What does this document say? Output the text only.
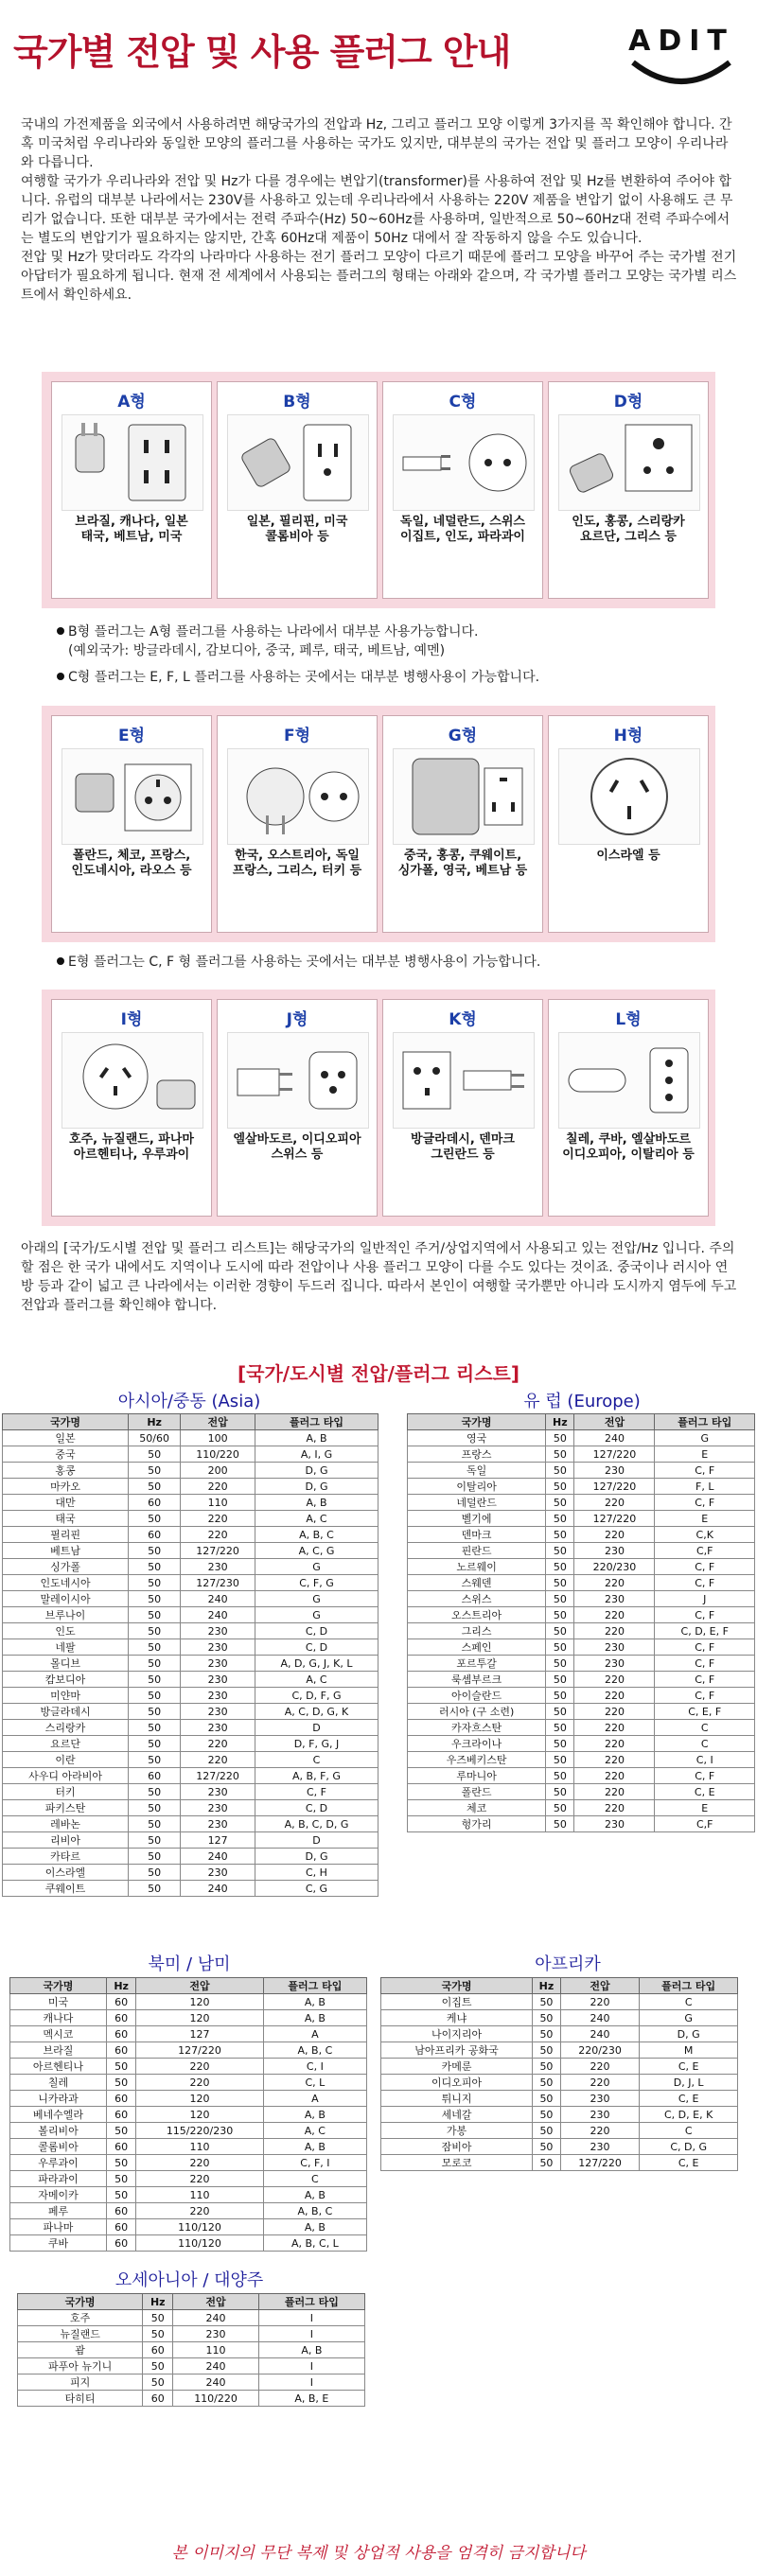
국가별 전압 및 사용 플러그 안내	ADIT

국내의 가전제품을 외국에서 사용하려면 해당국가의 전압과 Hz, 그리고 플러그 모양 이렇게 3가지를 꼭 확인해야 합니다. 간혹 미국처럼 우리나라와 동일한 모양의 플러그를 사용하는 국가도 있지만, 대부분의 국가는 전압 및 플러그 모양이 우리나라와 다릅니다.

여행할 국가가 우리나라와 전압 및 Hz가 다를 경우에는 변압기(transformer)를 사용하여 전압 및 Hz를 변환하여 주어야 합니다. 유럽의 대부분 나라에서는 230V를 사용하고 있는데 우리나라에서 사용하는 220V 제품을 변압기 없이 사용해도 큰 무리가 없습니다. 또한 대부분 국가에서는 전력 주파수(Hz) 50~60Hz를 사용하며, 일반적으로 50~60Hz대 전력 주파수에서는 별도의 변압기가 필요하지는 않지만, 간혹 60Hz대 제품이 50Hz 대에서 잘 작동하지 않을 수도 있습니다.

전압 및 Hz가 맞더라도 각각의 나라마다 사용하는 전기 플러그 모양이 다르기 때문에 플러그 모양을 바꾸어 주는 국가별 전기 아답터가 필요하게 됩니다. 현재 전 세계에서 사용되는 플러그의 형태는 아래와 같으며, 각 국가별 플러그 모양는 국가별 리스트에서 확인하세요.

A형
브라질, 캐나다, 일본
태국, 베트남, 미국
B형
일본, 필리핀, 미국
콜롬비아 등
C형
독일, 네덜란드, 스위스
이집트, 인도, 파라과이
D형
인도, 홍콩, 스리랑카
요르단, 그리스 등
B형 플러그는 A형 플러그를 사용하는 나라에서 대부분 사용가능합니다.
(예외국가: 방글라데시, 감보디아, 중국, 페루, 태국, 베트남, 예멘)
C형 플러그는 E, F, L 플러그를 사용하는 곳에서는 대부분 병행사용이 가능합니다.
E형
폴란드, 체코, 프랑스,
인도네시아, 라오스 등
F형
한국, 오스트리아, 독일
프랑스, 그리스, 터키 등
G형
중국, 홍콩, 쿠웨이트,
싱가폴, 영국, 베트남 등
H형
이스라엘 등
E형 플러그는 C, F 형 플러그를 사용하는 곳에서는 대부분 병행사용이 가능합니다.
I형
호주, 뉴질랜드, 파나마
아르헨티나, 우루과이
J형
엘살바도르, 이디오피아
스위스 등
K형
방글라데시, 덴마크
그린란드 등
L형
칠레, 쿠바, 엘살바도르
이디오피아, 이탈리아 등
아래의 [국가/도시별 전압 및 플러그 리스트]는 해당국가의 일반적인 주거/상업지역에서 사용되고 있는 전압/Hz 입니다. 주의할 점은 한 국가 내에서도 지역이나 도시에 따라 전압이나 사용 플러그 모양이 다를 수도 있다는 것이죠. 중국이나 러시아 연방 등과 같이 넓고 큰 나라에서는 이러한 경향이 두드러 집니다. 따라서 본인이 여행할 국가뿐만 아니라 도시까지 염두에 두고 전압과 플러그를 확인해야 합니다.
[국가/도시별 전압/플러그 리스트]
아시아/중동 (Asia)	유 럽 (Europe)
국가명	Hz	전압	플러그 타입
일본	50/60	100	A, B
중국	50	110/220	A, I, G
홍콩	50	200	D, G
마카오	50	220	D, G
대만	60	110	A, B
태국	50	220	A, C
필리핀	60	220	A, B, C
베트남	50	127/220	A, C, G
싱가폴	50	230	G
인도네시아	50	127/230	C, F, G
말레이시아	50	240	G
브루나이	50	240	G
인도	50	230	C, D
네팔	50	230	C, D
몰디브	50	230	A, D, G, J, K, L
캄보디아	50	230	A, C
미얀마	50	230	C, D, F, G
방글라데시	50	230	A, C, D, G, K
스리랑카	50	230	D
요르단	50	220	D, F, G, J
이란	50	220	C
사우디 아라비아	60	127/220	A, B, F, G
터키	50	230	C, F
파키스탄	50	230	C, D
레바논	50	230	A, B, C, D, G
리비아	50	127	D
카타르	50	240	D, G
이스라엘	50	230	C, H
쿠웨이트	50	240	C, G
국가명	Hz	전압	플러그 타입
영국	50	240	G
프랑스	50	127/220	E
독일	50	230	C, F
이탈리아	50	127/220	F, L
네덜란드	50	220	C, F
벨기에	50	127/220	E
덴마크	50	220	C,K
핀란드	50	230	C,F
노르웨이	50	220/230	C, F
스웨덴	50	220	C, F
스위스	50	230	J
오스트리아	50	220	C, F
그리스	50	220	C, D, E, F
스페인	50	230	C, F
포르투갈	50	230	C, F
룩셈부르크	50	220	C, F
아이슬란드	50	220	C, F
러시아 (구 소련)	50	220	C, E, F
카자흐스탄	50	220	C
우크라이나	50	220	C
우즈베키스탄	50	220	C, I
루마니아	50	220	C, F
폴란드	50	220	C, E
체코	50	220	E
헝가리	50	230	C,F
북미 / 남미	아프리카
국가명	Hz	전압	플러그 타입
미국	60	120	A, B
캐나다	60	120	A, B
멕시코	60	127	A
브라질	60	127/220	A, B, C
아르헨티나	50	220	C, I
칠레	50	220	C, L
니카라과	60	120	A
베네수엘라	60	120	A, B
볼리비아	50	115/220/230	A, C
콜롬비아	60	110	A, B
우루과이	50	220	C, F, I
파라과이	50	220	C
자메이카	50	110	A, B
페루	60	220	A, B, C
파나마	60	110/120	A, B
쿠바	60	110/120	A, B, C, L
국가명	Hz	전압	플러그 타입
이집트	50	220	C
케냐	50	240	G
나이지리아	50	240	D, G
남아프리카 공화국	50	220/230	M
카메룬	50	220	C, E
이디오피아	50	220	D, J, L
튀니지	50	230	C, E
세네갈	50	230	C, D, E, K
가봉	50	220	C
잠비아	50	230	C, D, G
모로코	50	127/220	C, E
오세아니아 / 대양주
국가명	Hz	전압	플러그 타입
호주	50	240	I
뉴질랜드	50	230	I
괌	60	110	A, B
파푸아 뉴기니	50	240	I
피지	50	240	I
타히티	60	110/220	A, B, E
본 이미지의 무단 복제 및 상업적 사용을 엄격히 금지합니다
